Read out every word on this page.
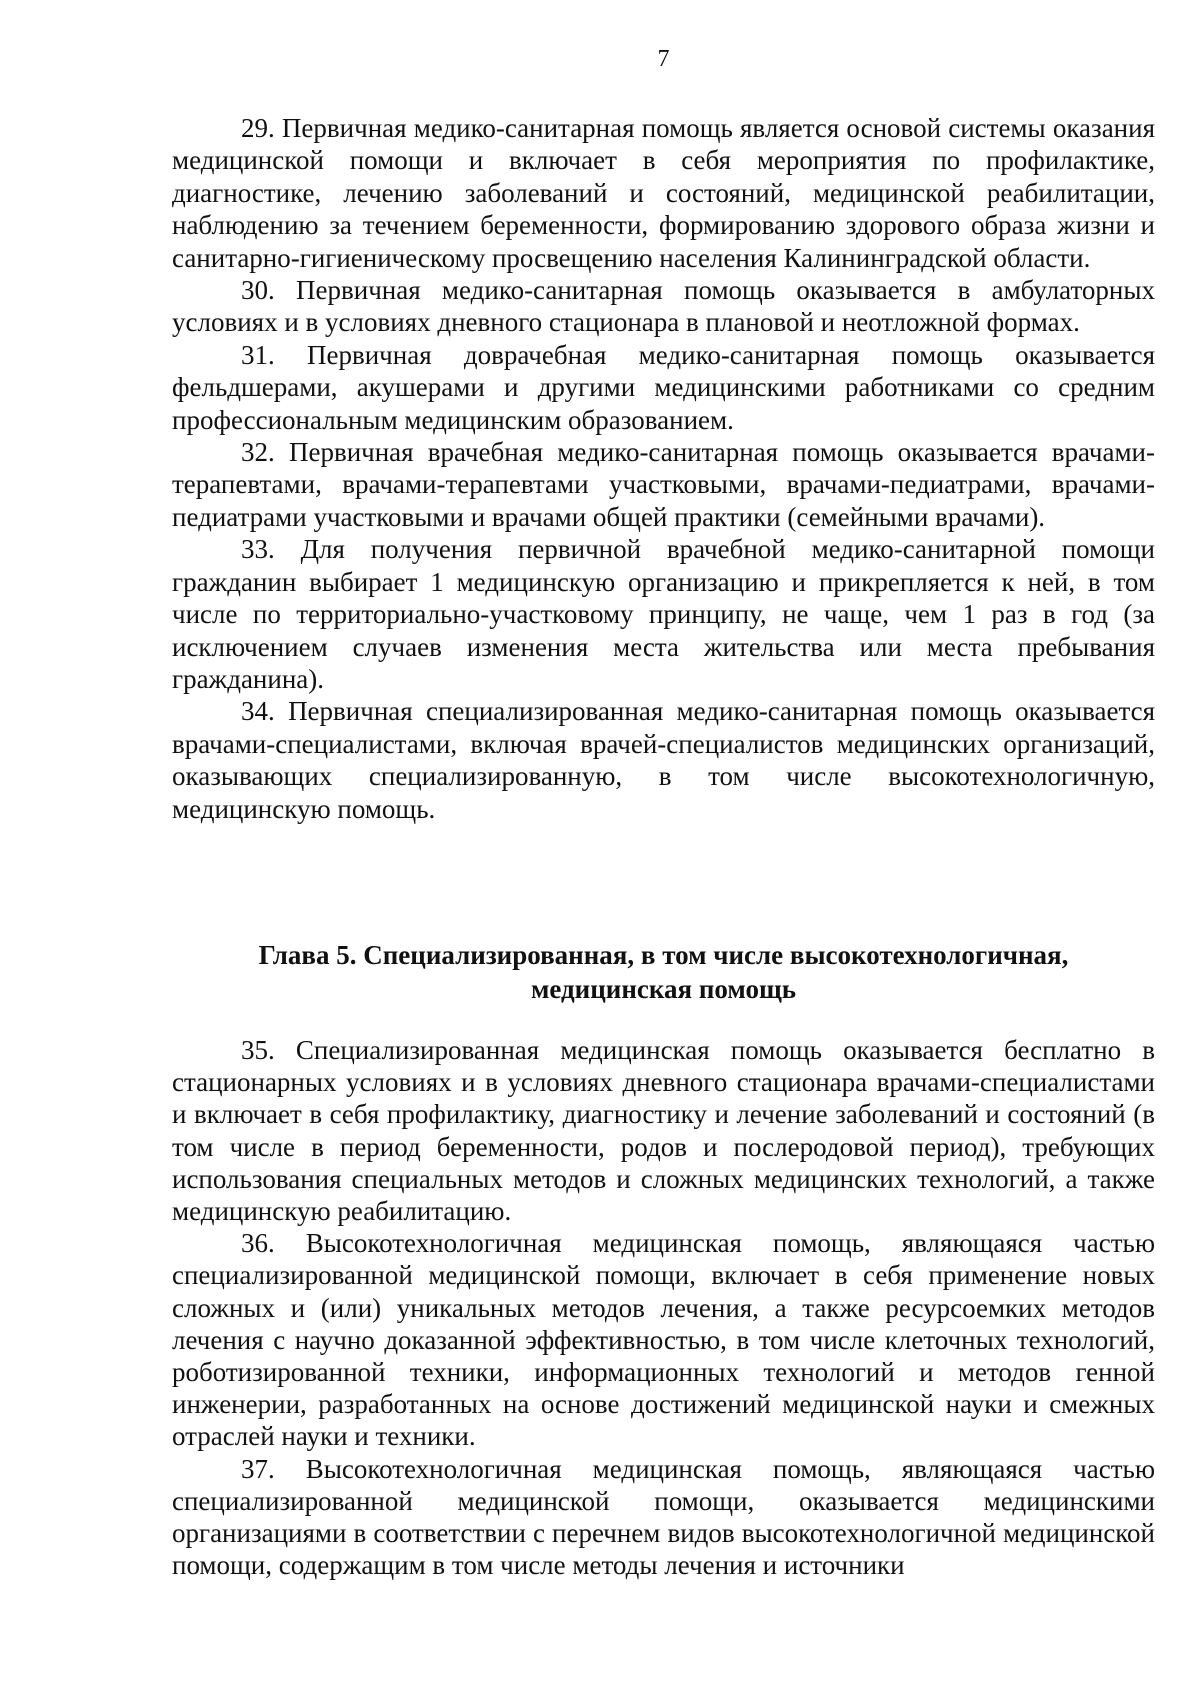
7

29. Первичная медико-санитарная помощь является основой системы оказания медицинской помощи и включает в себя мероприятия по профилактике, диагностике, лечению заболеваний и состояний, медицинской реабилитации, наблюдению за течением беременности, формированию здорового образа жизни и санитарно-гигиеническому просвещению населения Калининградской области.

30. Первичная медико-санитарная помощь оказывается в амбулаторных условиях и в условиях дневного стационара в плановой и неотложной формах.

31. Первичная доврачебная медико-санитарная помощь оказывается фельдшерами, акушерами и другими медицинскими работниками со средним профессиональным медицинским образованием.

32. Первичная врачебная медико-санитарная помощь оказывается врачами-терапевтами, врачами-терапевтами участковыми, врачами-педиатрами, врачами-педиатрами участковыми и врачами общей практики (семейными врачами).

33. Для получения первичной врачебной медико-санитарной помощи гражданин выбирает 1 медицинскую организацию и прикрепляется к ней, в том числе по территориально-участковому принципу, не чаще, чем 1 раз в год (за исключением случаев изменения места жительства или места пребывания гражданина).

34. Первичная специализированная медико-санитарная помощь оказывается врачами-специалистами, включая врачей-специалистов медицинских организаций, оказывающих специализированную, в том числе высокотехнологичную, медицинскую помощь.

Глава 5. Специализированная, в том числе высокотехнологичная,

медицинская помощь

35. Специализированная медицинская помощь оказывается бесплатно в стационарных условиях и в условиях дневного стационара врачами-специалистами и включает в себя профилактику, диагностику и лечение заболеваний и состояний (в том числе в период беременности, родов и послеродовой период), требующих использования специальных методов и сложных медицинских технологий, а также медицинскую реабилитацию.

36. Высокотехнологичная медицинская помощь, являющаяся частью специализированной медицинской помощи, включает в себя применение новых сложных и (или) уникальных методов лечения, а также ресурсоемких методов лечения с научно доказанной эффективностью, в том числе клеточных технологий, роботизированной техники, информационных технологий и методов генной инженерии, разработанных на основе достижений медицинской науки и смежных отраслей науки и техники.

37. Высокотехнологичная медицинская помощь, являющаяся частью специализированной медицинской помощи, оказывается медицинскими организациями в соответствии с перечнем видов высокотехнологичной медицинской помощи, содержащим в том числе методы лечения и источники
